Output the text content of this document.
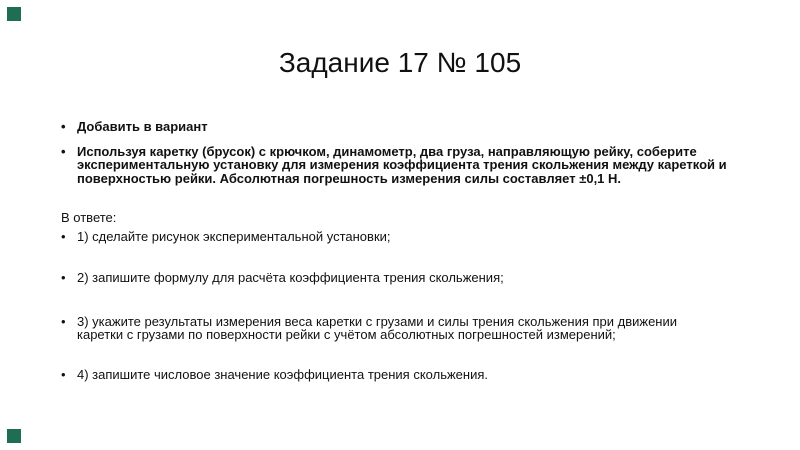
Задание 17 № 105
• Добавить в вариант
• Используя каретку (брусок) с крючком, динамометр, два груза, направляющую рейку, соберите
экспериментальную установку для измерения коэффициента трения скольжения между кареткой и
поверхностью рейки. Абсолютная погрешность измерения силы составляет ±0,1 Н.
В ответе:
• 1) сделайте рисунок экспериментальной установки;
• 2) запишите формулу для расчёта коэффициента трения скольжения;
• 3) укажите результаты измерения веса каретки с грузами и силы трения скольжения при движении
каретки с грузами по поверхности рейки с учётом абсолютных погрешностей измерений;
• 4) запишите числовое значение коэффициента трения скольжения.
